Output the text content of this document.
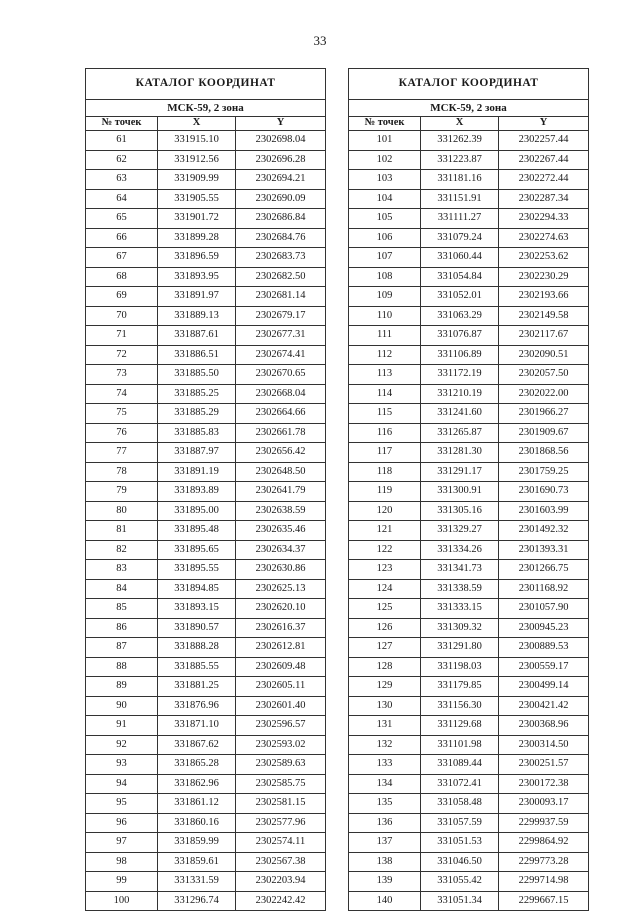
33
КАТАЛОГ КООРДИНАТ		
МСК-59, 2 зона		
№ точек	X	Y
61	331915.10	2302698.04
62	331912.56	2302696.28
63	331909.99	2302694.21
64	331905.55	2302690.09
65	331901.72	2302686.84
66	331899.28	2302684.76
67	331896.59	2302683.73
68	331893.95	2302682.50
69	331891.97	2302681.14
70	331889.13	2302679.17
71	331887.61	2302677.31
72	331886.51	2302674.41
73	331885.50	2302670.65
74	331885.25	2302668.04
75	331885.29	2302664.66
76	331885.83	2302661.78
77	331887.97	2302656.42
78	331891.19	2302648.50
79	331893.89	2302641.79
80	331895.00	2302638.59
81	331895.48	2302635.46
82	331895.65	2302634.37
83	331895.55	2302630.86
84	331894.85	2302625.13
85	331893.15	2302620.10
86	331890.57	2302616.37
87	331888.28	2302612.81
88	331885.55	2302609.48
89	331881.25	2302605.11
90	331876.96	2302601.40
91	331871.10	2302596.57
92	331867.62	2302593.02
93	331865.28	2302589.63
94	331862.96	2302585.75
95	331861.12	2302581.15
96	331860.16	2302577.96
97	331859.99	2302574.11
98	331859.61	2302567.38
99	331331.59	2302203.94
100	331296.74	2302242.42
КАТАЛОГ КООРДИНАТ		
МСК-59, 2 зона		
№ точек	X	Y
101	331262.39	2302257.44
102	331223.87	2302267.44
103	331181.16	2302272.44
104	331151.91	2302287.34
105	331111.27	2302294.33
106	331079.24	2302274.63
107	331060.44	2302253.62
108	331054.84	2302230.29
109	331052.01	2302193.66
110	331063.29	2302149.58
111	331076.87	2302117.67
112	331106.89	2302090.51
113	331172.19	2302057.50
114	331210.19	2302022.00
115	331241.60	2301966.27
116	331265.87	2301909.67
117	331281.30	2301868.56
118	331291.17	2301759.25
119	331300.91	2301690.73
120	331305.16	2301603.99
121	331329.27	2301492.32
122	331334.26	2301393.31
123	331341.73	2301266.75
124	331338.59	2301168.92
125	331333.15	2301057.90
126	331309.32	2300945.23
127	331291.80	2300889.53
128	331198.03	2300559.17
129	331179.85	2300499.14
130	331156.30	2300421.42
131	331129.68	2300368.96
132	331101.98	2300314.50
133	331089.44	2300251.57
134	331072.41	2300172.38
135	331058.48	2300093.17
136	331057.59	2299937.59
137	331051.53	2299864.92
138	331046.50	2299773.28
139	331055.42	2299714.98
140	331051.34	2299667.15
